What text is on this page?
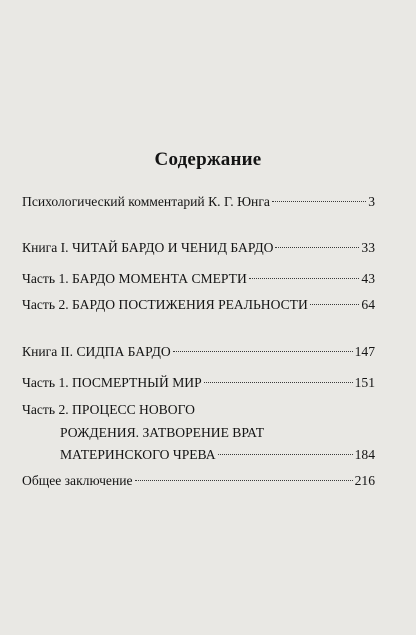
Содержание
Психологический комментарий К. Г. Юнга	3
Книга I. ЧИТАЙ БАРДО И ЧЕНИД БАРДО	33
Часть 1. БАРДО МОМЕНТА СМЕРТИ	43
Часть 2. БАРДО ПОСТИЖЕНИЯ РЕАЛЬНОСТИ	64
Книга II. СИДПА БАРДО	147
Часть 1. ПОСМЕРТНЫЙ МИР	151
Часть 2. ПРОЦЕСС НОВОГО
РОЖДЕНИЯ. ЗАТВОРЕНИЕ ВРАТ
МАТЕРИНСКОГО ЧРЕВА	184
Общее заключение	216
